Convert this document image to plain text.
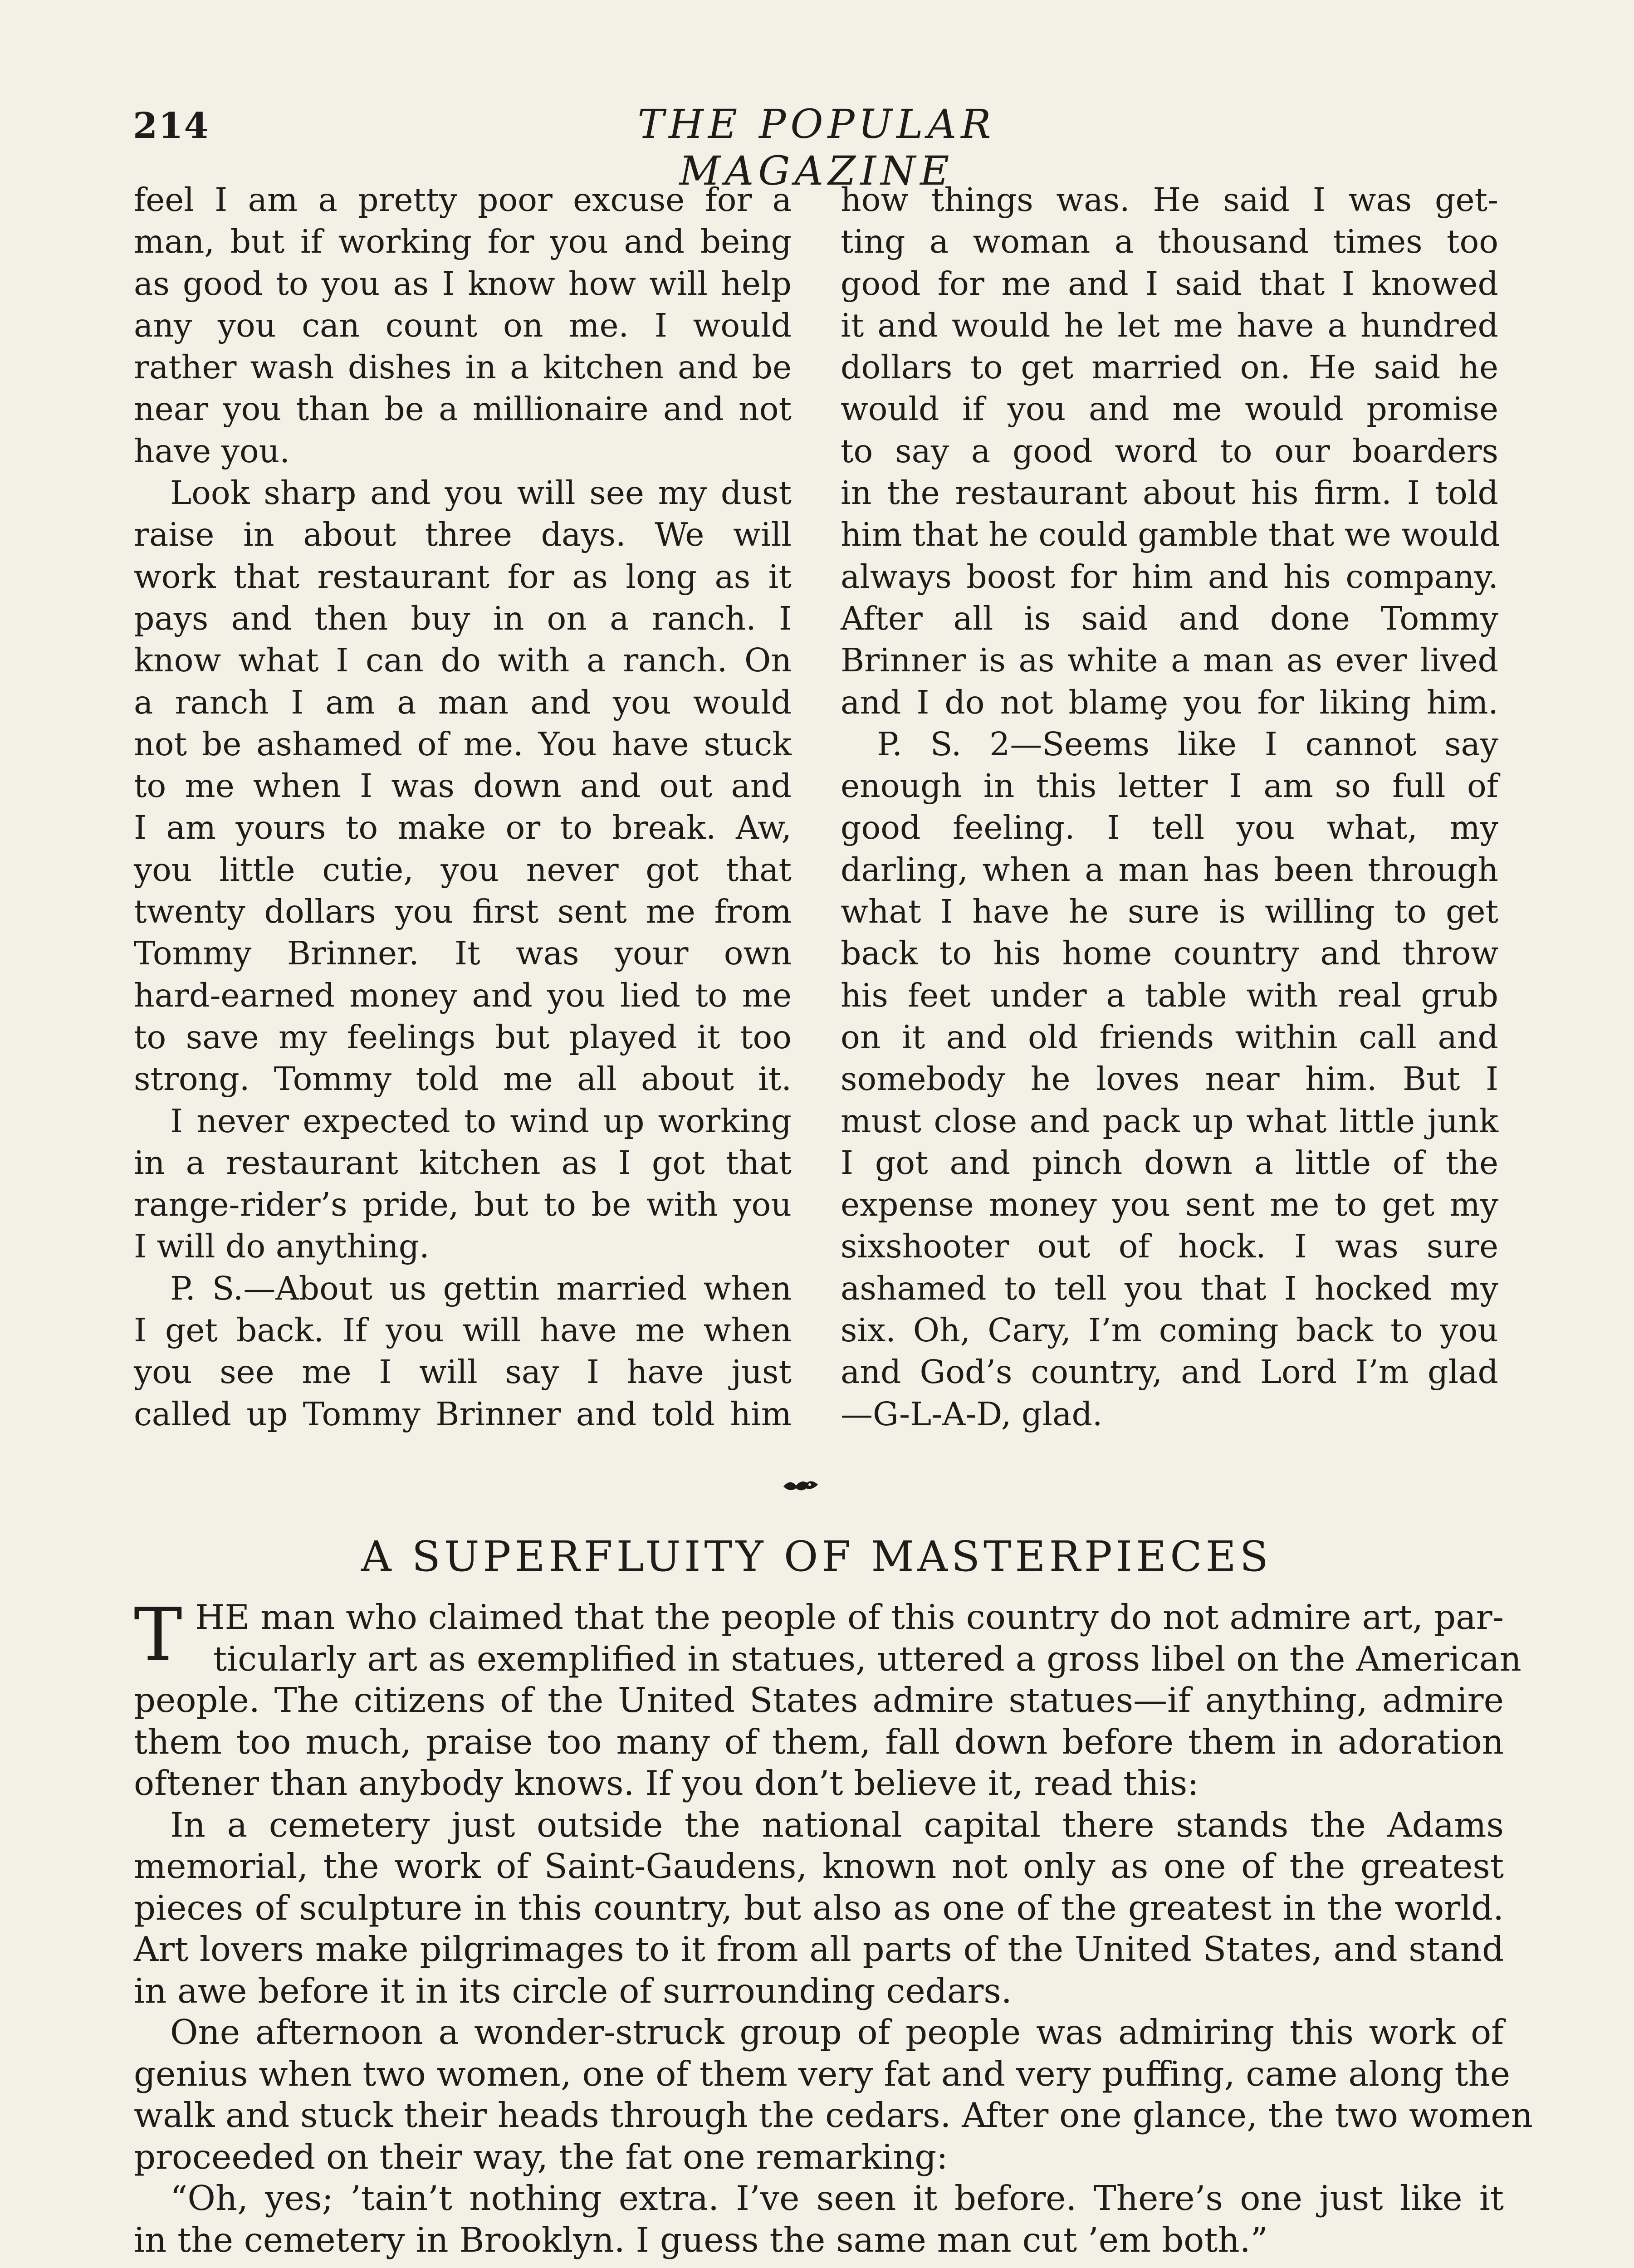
214	THE POPULAR MAGAZINE
feel I am a pretty poor excuse for a
man, but if working for you and being
as good to you as I know how will help
any you can count on me. I would
rather wash dishes in a kitchen and be
near you than be a millionaire and not
have you.
Look sharp and you will see my dust
raise in about three days. We will
work that restaurant for as long as it
pays and then buy in on a ranch. I
know what I can do with a ranch. On
a ranch I am a man and you would
not be ashamed of me. You have stuck
to me when I was down and out and
I am yours to make or to break. Aw,
you little cutie, you never got that
twenty dollars you first sent me from
Tommy Brinner. It was your own
hard-earned money and you lied to me
to save my feelings but played it too
strong. Tommy told me all about it.
I never expected to wind up working
in a restaurant kitchen as I got that
range-rider’s pride, but to be with you
I will do anything.
P. S.—About us gettin married when
I get back. If you will have me when
you see me I will say I have just
called up Tommy Brinner and told him
how things was. He said I was get-
ting a woman a thousand times too
good for me and I said that I knowed
it and would he let me have a hundred
dollars to get married on. He said he
would if you and me would promise
to say a good word to our boarders
in the restaurant about his firm. I told
him that he could gamble that we would
always boost for him and his company.
After all is said and done Tommy
Brinner is as white a man as ever lived
and I do not blamȩ you for liking him.
P. S. 2—Seems like I cannot say
enough in this letter I am so full of
good feeling. I tell you what, my
darling, when a man has been through
what I have he sure is willing to get
back to his home country and throw
his feet under a table with real grub
on it and old friends within call and
somebody he loves near him. But I
must close and pack up what little junk
I got and pinch down a little of the
expense money you sent me to get my
sixshooter out of hock. I was sure
ashamed to tell you that I hocked my
six. Oh, Cary, I’m coming back to you
and God’s country, and Lord I’m glad
—G-L-A-D, glad.
A SUPERFLUITY OF MASTERPIECES
T HE man who claimed that the people of this country do not admire art, par-
ticularly art as exemplified in statues, uttered a gross libel on the American
people. The citizens of the United States admire statues—if anything, admire
them too much, praise too many of them, fall down before them in adoration
oftener than anybody knows. If you don’t believe it, read this:
In a cemetery just outside the national capital there stands the Adams
memorial, the work of Saint-Gaudens, known not only as one of the greatest
pieces of sculpture in this country, but also as one of the greatest in the world.
Art lovers make pilgrimages to it from all parts of the United States, and stand
in awe before it in its circle of surrounding cedars.
One afternoon a wonder-struck group of people was admiring this work of
genius when two women, one of them very fat and very puffing, came along the
walk and stuck their heads through the cedars. After one glance, the two women
proceeded on their way, the fat one remarking:
“Oh, yes; ’tain’t nothing extra. I’ve seen it before. There’s one just like it
in the cemetery in Brooklyn. I guess the same man cut ’em both.”
